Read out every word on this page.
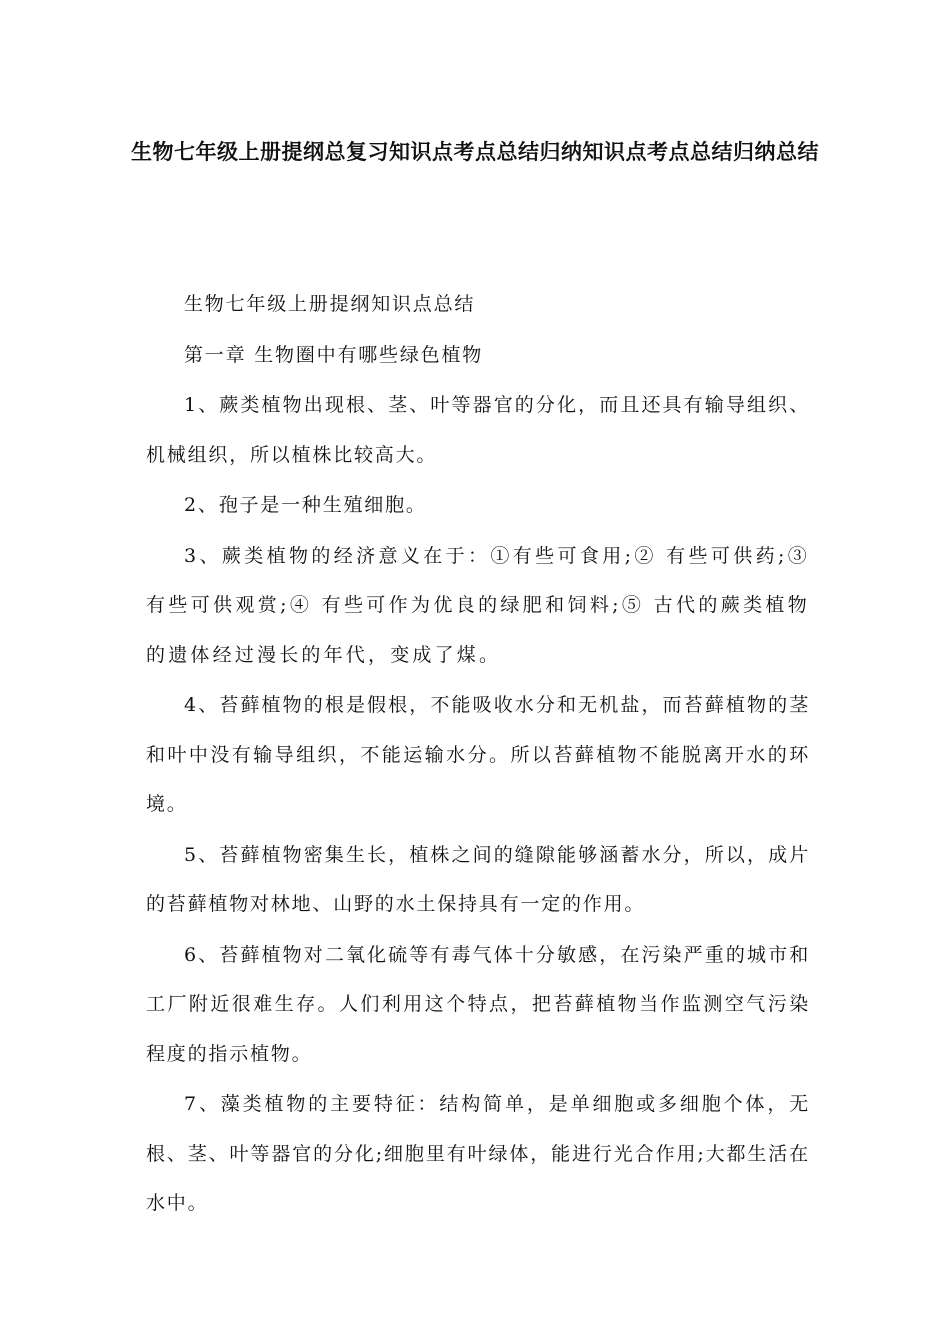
生物七年级上册提纲总复习知识点考点总结归纳知识点考点总结归纳总结

生物七年级上册提纲知识点总结

第一章 生物圈中有哪些绿色植物

1、蕨类植物出现根、茎、叶等器官的分化，而且还具有输导组织、机械组织，所以植株比较高大。

2、孢子是一种生殖细胞。

3、蕨类植物的经济意义在于：①有些可食用;② 有些可供药;③ 有些可供观赏;④ 有些可作为优良的绿肥和饲料;⑤ 古代的蕨类植物的遗体经过漫长的年代，变成了煤。

4、苔藓植物的根是假根，不能吸收水分和无机盐，而苔藓植物的茎和叶中没有输导组织，不能运输水分。所以苔藓植物不能脱离开水的环境。

5、苔藓植物密集生长，植株之间的缝隙能够涵蓄水分，所以，成片的苔藓植物对林地、山野的水土保持具有一定的作用。

6、苔藓植物对二氧化硫等有毒气体十分敏感，在污染严重的城市和工厂附近很难生存。人们利用这个特点，把苔藓植物当作监测空气污染程度的指示植物。

7、藻类植物的主要特征：结构简单，是单细胞或多细胞个体，无根、茎、叶等器官的分化;细胞里有叶绿体，能进行光合作用;大都生活在水中。
